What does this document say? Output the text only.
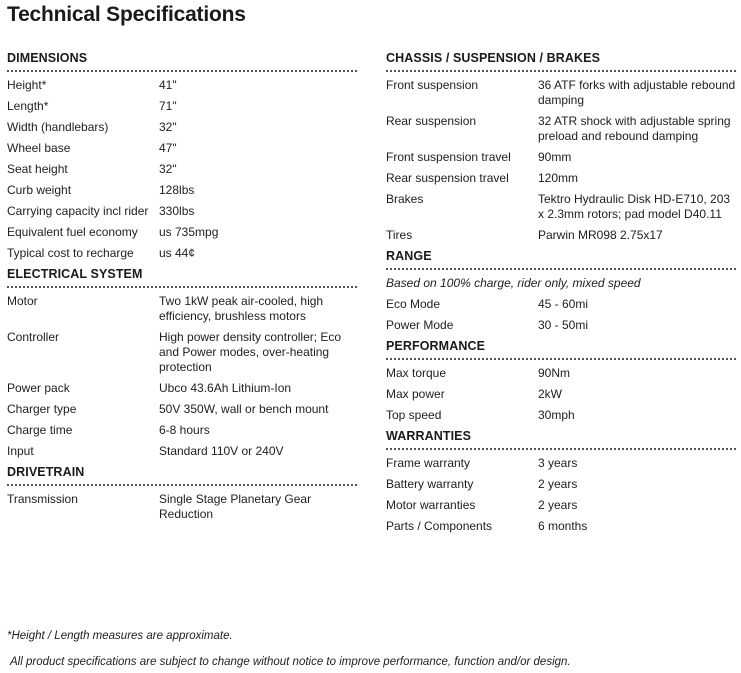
Technical Specifications
DIMENSIONS
Height*	41"
Length*	71"
Width (handlebars)	32"
Wheel base	47"
Seat height	32"
Curb weight	128lbs
Carrying capacity incl rider 330lbs
Equivalent fuel economy	us 735mpg
Typical cost to recharge	us 44¢
ELECTRICAL SYSTEM
Motor	Two 1kW peak air-cooled, high efficiency, brushless motors
Controller	High power density controller; Eco and Power modes, over-heating protection
Power pack	Ubco 43.6Ah Lithium-Ion
Charger type	50V 350W, wall or bench mount
Charge time	6-8 hours
Input	Standard 110V or 240V
DRIVETRAIN
Transmission	Single Stage Planetary Gear Reduction
CHASSIS / SUSPENSION / BRAKES
Front suspension	36 ATF forks with adjustable rebound damping
Rear suspension	32 ATR shock with adjustable spring preload and rebound damping
Front suspension travel	90mm
Rear suspension travel	120mm
Brakes	Tektro Hydraulic Disk HD-E710, 203 x 2.3mm rotors; pad model D40.11
Tires	Parwin MR098 2.75x17
RANGE
Based on 100% charge, rider only, mixed speed
Eco Mode	45 - 60mi
Power Mode	30 - 50mi
PERFORMANCE
Max torque	90Nm
Max power	2kW
Top speed	30mph
WARRANTIES
Frame warranty	3 years
Battery warranty	2 years
Motor warranties	2 years
Parts / Components	6 months
*Height / Length measures are approximate.
All product specifications are subject to change without notice to improve performance, function and/or design.
